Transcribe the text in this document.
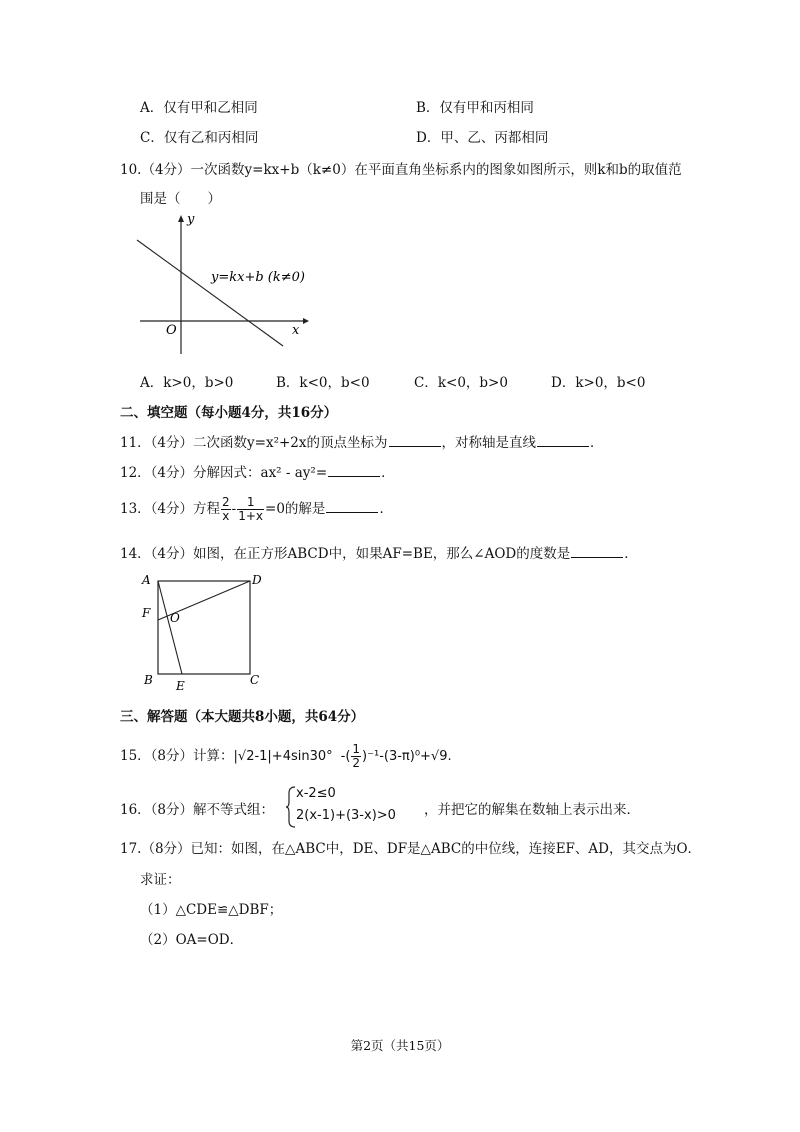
A．仅有甲和乙相同	B．仅有甲和丙相同
C．仅有乙和丙相同	D．甲、乙、丙都相同
10.（4分）一次函数y=kx+b（k≠0）在平面直角坐标系内的图象如图所示，则k和b的取值范
围是（　　）
y
x
O
y=kx+b (k≠0)
A．k>0，b>0	B．k<0，b<0	C．k<0，b>0	D．k>0，b<0
二、填空题（每小题4分，共16分）
11．（4分）二次函数y=x²+2x的顶点坐标为	，对称轴是直线	．
12．（4分）分解因式：ax² - ay²=	．
13．（4分）方程 $\frac{2}{x} - \frac{1}{1+x} =0$的解是	．
14．（4分）如图，在正方形ABCD中，如果AF=BE，那么∠AOD的度数是	．
A	D
F O
B	C
E
三、解答题（本大题共8小题，共64分）
15．（8分）计算：|√2-1|+4sin30° -( $\frac{1}{2} )^{-1}-(3-\pi)^0+√9$.
16．（8分）解不等式组：
x-2≤0
2(x-1)+(3-x)>0 ，并把它的解集在数轴上表示出来．
17.（8分）已知：如图，在△ABC中，DE、DF是△ABC的中位线，连接EF、AD，其交点为O．
求证：
（1）△CDE≌△DBF；
（2）OA=OD．
第2页（共15页）
